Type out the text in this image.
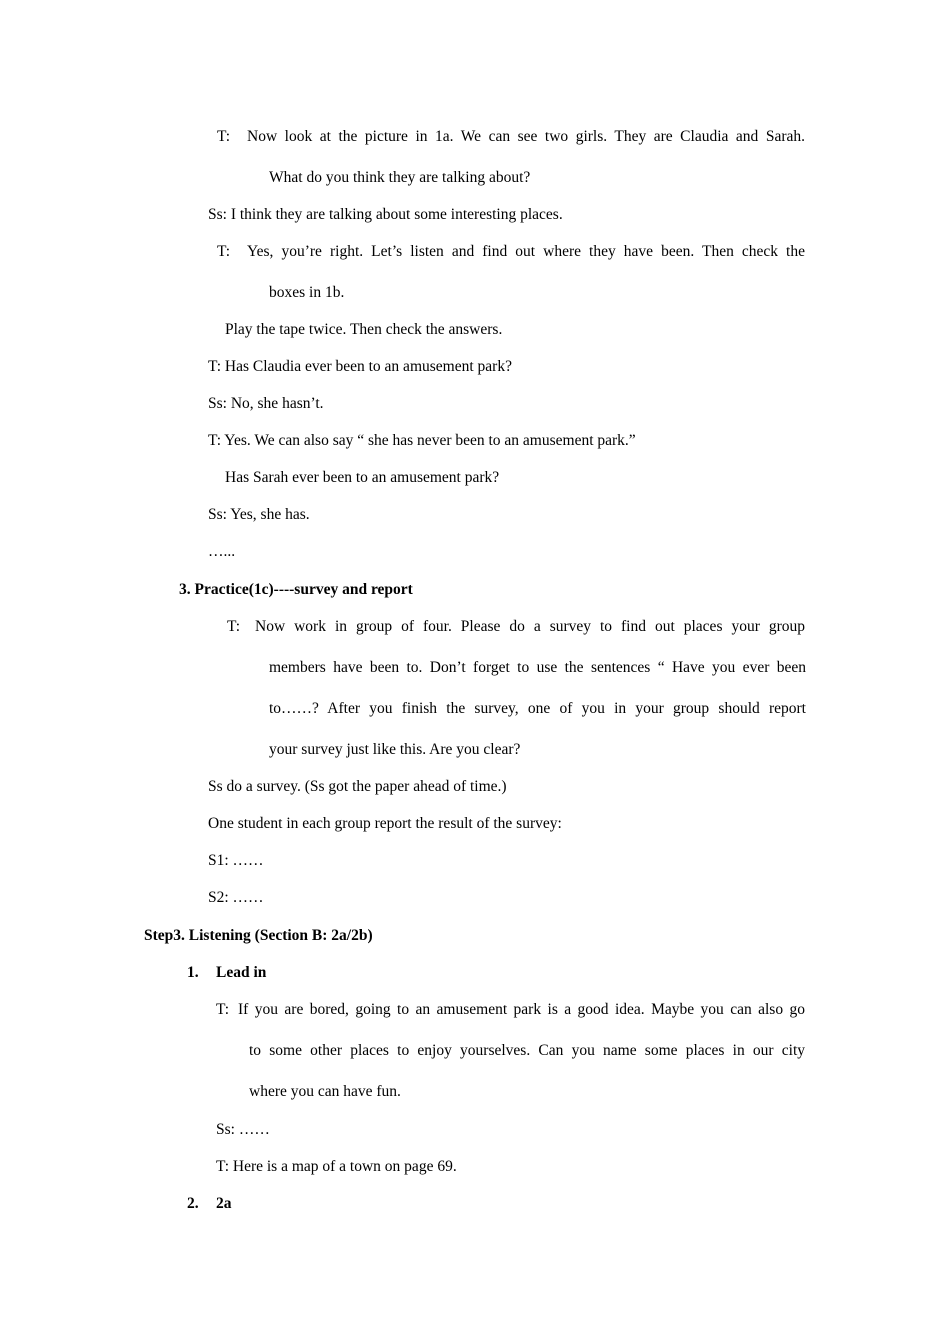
T: Now look at the picture in 1a. We can see two girls. They are Claudia and Sarah.
What do you think they are talking about?
Ss: I think they are talking about some interesting places.
T: Yes, you’re right. Let’s listen and find out where they have been. Then check the
boxes in 1b.
Play the tape twice. Then check the answers.
T: Has Claudia ever been to an amusement park?
Ss: No, she hasn’t.
T: Yes. We can also say “ she has never been to an amusement park.”
Has Sarah ever been to an amusement park?
Ss: Yes, she has.
…...
3. Practice(1c)----survey and report
T: Now work in group of four. Please do a survey to find out places your group
members have been to. Don’t forget to use the sentences “ Have you ever been
to……? After you finish the survey, one of you in your group should report
your survey just like this. Are you clear?
Ss do a survey. (Ss got the paper ahead of time.)
One student in each group report the result of the survey:
S1: ……
S2: ……
Step3. Listening (Section B: 2a/2b)
1. Lead in
T: If you are bored, going to an amusement park is a good idea. Maybe you can also go
to some other places to enjoy yourselves. Can you name some places in our city
where you can have fun.
Ss: ……
T: Here is a map of a town on page 69.
2. 2a
